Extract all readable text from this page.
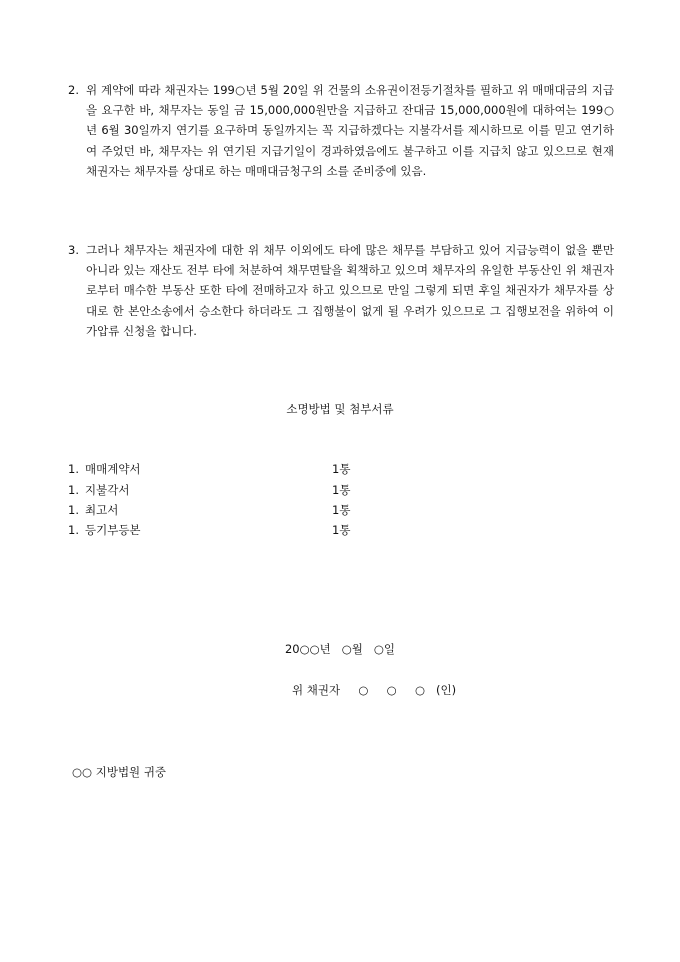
2. 위 계약에 따라 채권자는 199○년 5월 20일 위 건물의 소유권이전등기절차를 필하고 위 매매대금의 지급을 요구한 바, 채무자는 동일 금 15,000,000원만을 지급하고 잔대금 15,000,000원에 대하여는 199○년 6월 30일까지 연기를 요구하며 동일까지는 꼭 지급하겠다는 지불각서를 제시하므로 이를 믿고 연기하여 주었던 바, 채무자는 위 연기된 지급기일이 경과하였음에도 불구하고 이를 지급치 않고 있으므로 현재 채권자는 채무자를 상대로 하는 매매대금청구의 소를 준비중에 있음.
3. 그러나 채무자는 채권자에 대한 위 채무 이외에도 타에 많은 채무를 부담하고 있어 지급능력이 없을 뿐만 아니라 있는 재산도 전부 타에 처분하여 채무면탈을 획책하고 있으며 채무자의 유일한 부동산인 위 채권자로부터 매수한 부동산 또한 타에 전매하고자 하고 있으므로 만일 그렇게 되면 후일 채권자가 채무자를 상대로 한 본안소송에서 승소한다 하더라도 그 집행불이 없게 될 우려가 있으므로 그 집행보전을 위하여 이 가압류 신청을 합니다.
소명방법 및 첨부서류
1. 매매계약서	1통
1. 지불각서	1통
1. 최고서	1통
1. 등기부등본	1통
20○○년 ○월 ○일
위 채권자 ○     ○     ○ (인)
○○ 지방법원 귀중
